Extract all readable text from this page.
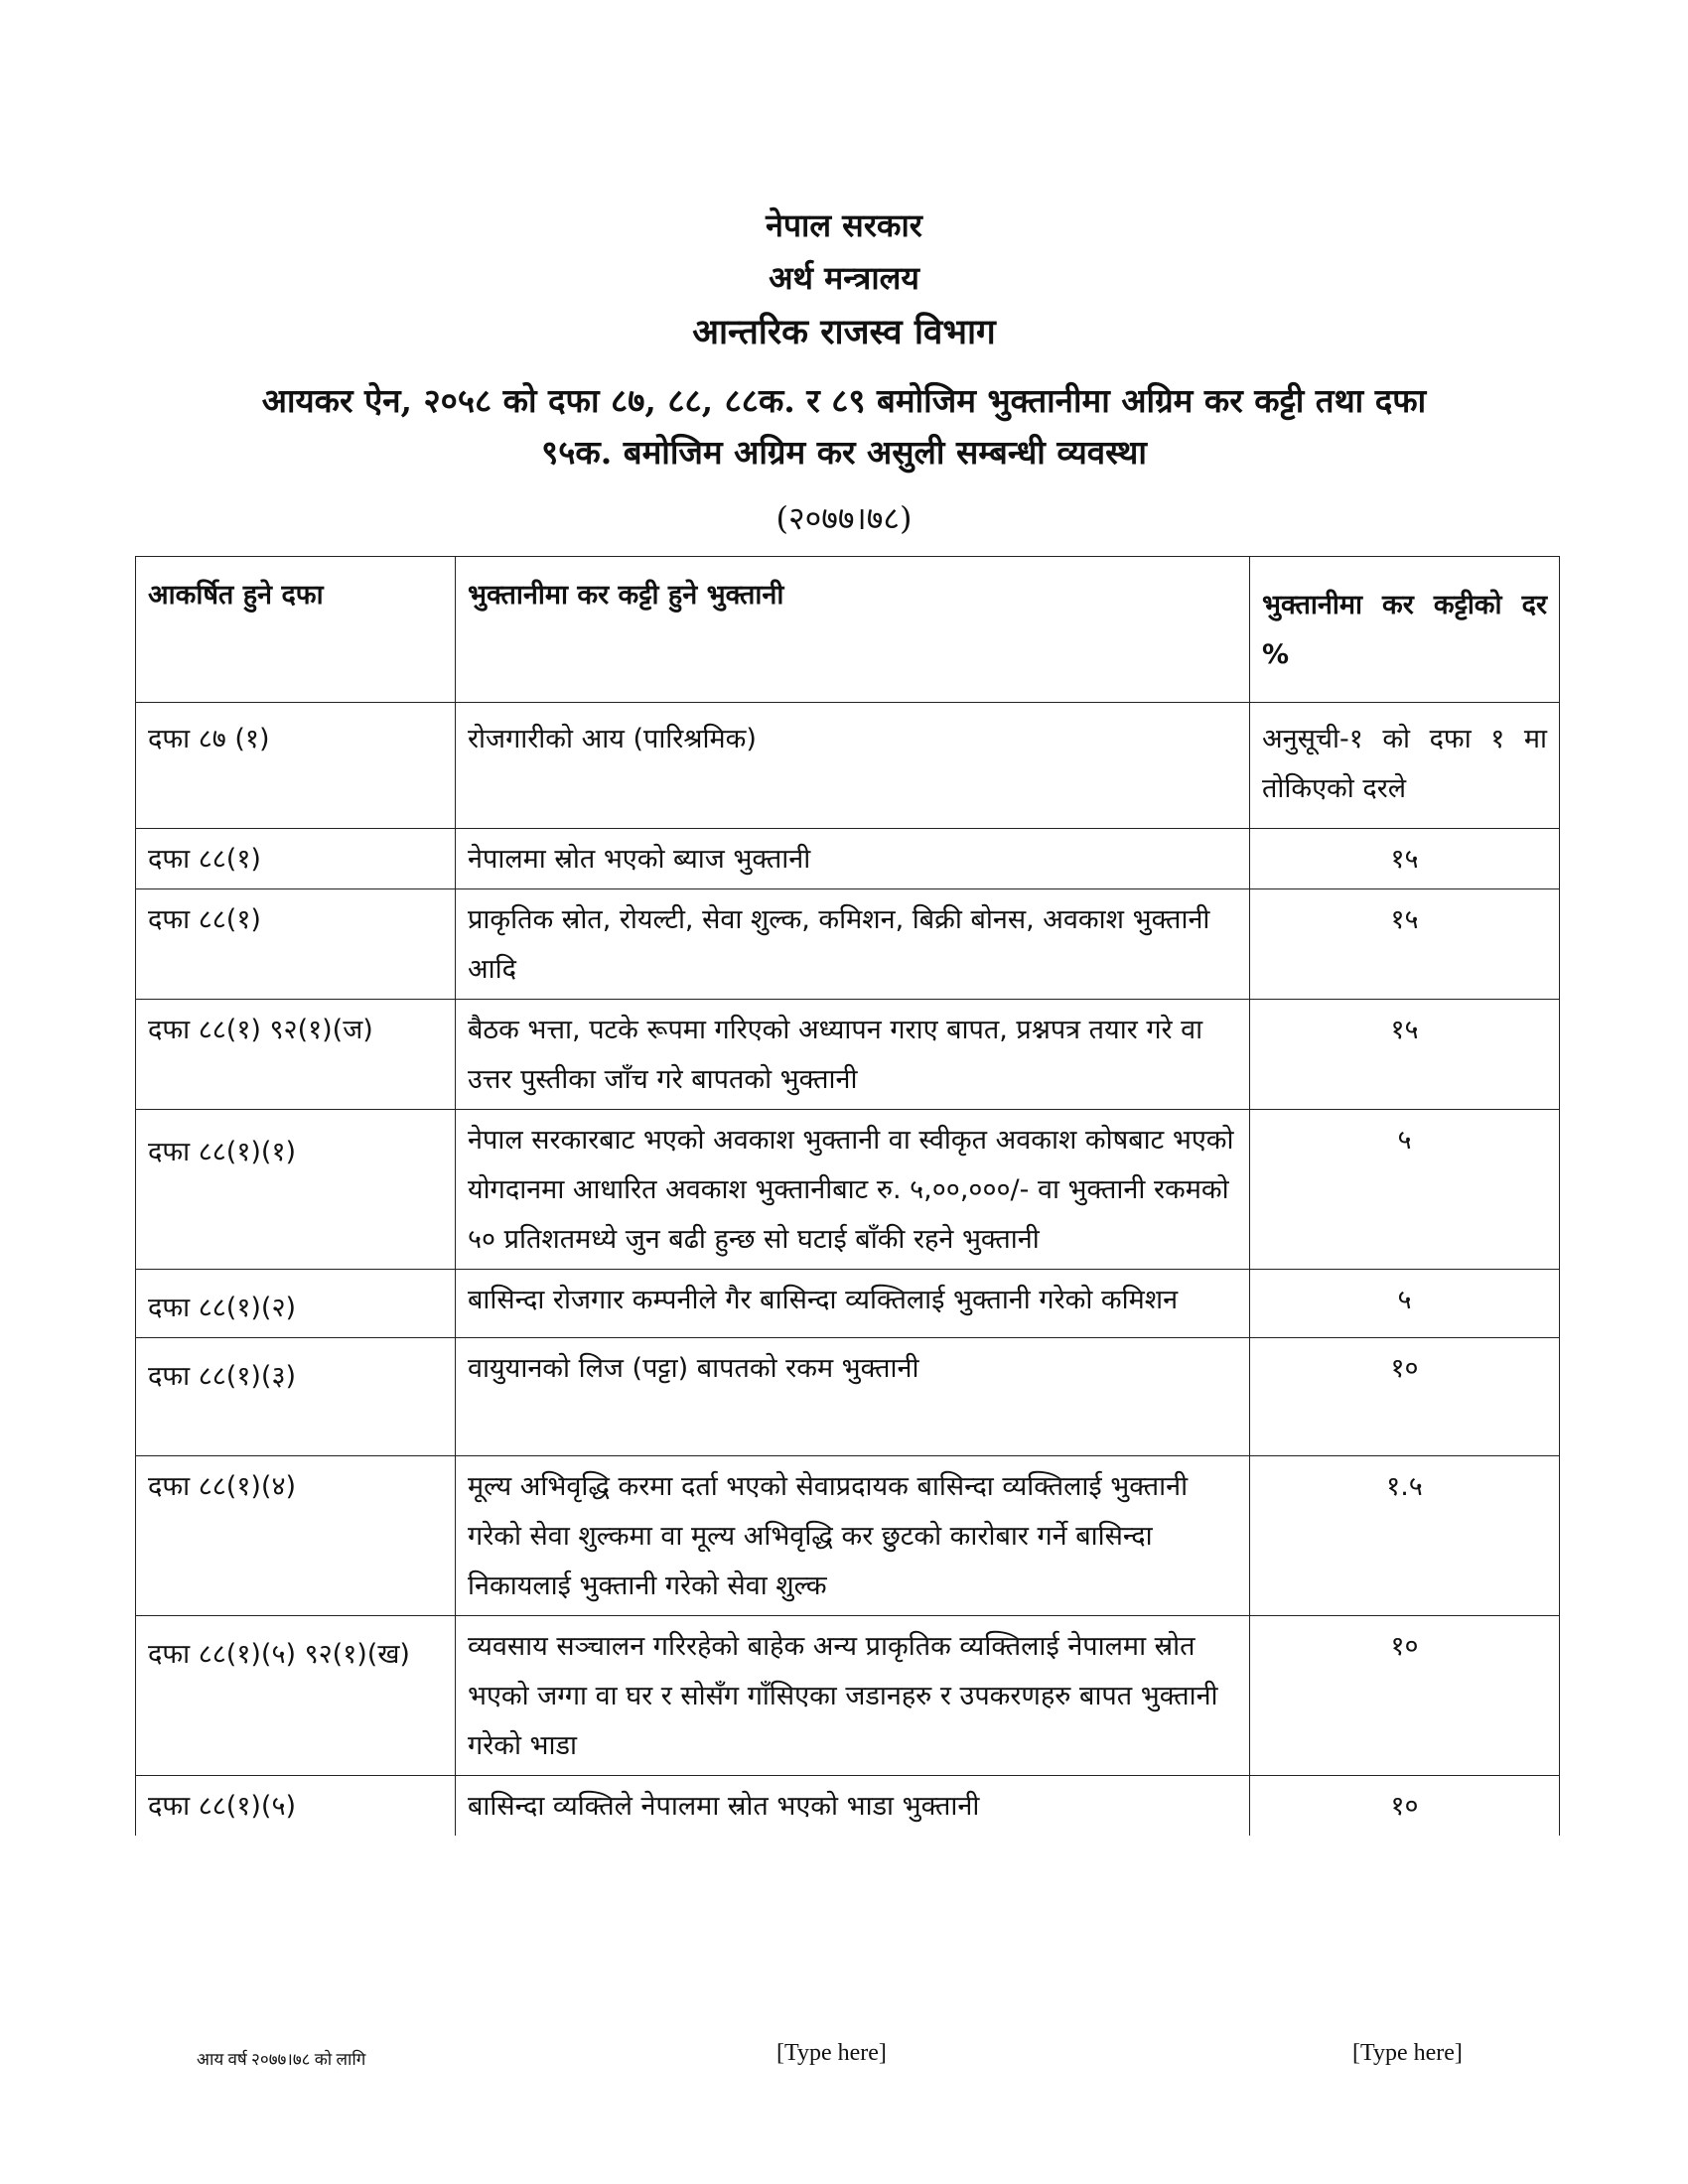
नेपाल सरकार
अर्थ मन्त्रालय
आन्तरिक राजस्व विभाग
आयकर ऐन, २०५८ को दफा ८७, ८८, ८८क. र ८९ बमोजिम भुक्तानीमा अग्रिम कर कट्टी तथा दफा
९५क. बमोजिम अग्रिम कर असुली सम्बन्धी व्यवस्था
(२०७७।७८)
आकर्षित हुने दफा	भुक्तानीमा कर कट्टी हुने भुक्तानी	भुक्तानीमा कर कट्टीको दर %
दफा ८७ (१)	रोजगारीको आय (पारिश्रमिक)	अनुसूची-१ को दफा १ मा तोकिएको दरले
दफा ८८(१)	नेपालमा स्रोत भएको ब्याज भुक्तानी	१५
दफा ८८(१)	प्राकृतिक स्रोत, रोयल्टी, सेवा शुल्क, कमिशन, बिक्री बोनस, अवकाश भुक्तानी आदि	१५
दफा ८८(१) ९२(१)(ज)	बैठक भत्ता, पटके रूपमा गरिएको अध्यापन गराए बापत, प्रश्नपत्र तयार गरे वा उत्तर पुस्तीका जाँच गरे बापतको भुक्तानी	१५
दफा ८८(१)(१)	नेपाल सरकारबाट भएको अवकाश भुक्तानी वा स्वीकृत अवकाश कोषबाट भएको योगदानमा आधारित अवकाश भुक्तानीबाट रु. ५,००,०००/- वा भुक्तानी रकमको ५० प्रतिशतमध्ये जुन बढी हुन्छ सो घटाई बाँकी रहने भुक्तानी	५
दफा ८८(१)(२)	बासिन्दा रोजगार कम्पनीले गैर बासिन्दा व्यक्तिलाई भुक्तानी गरेको कमिशन	५
दफा ८८(१)(३)	वायुयानको लिज (पट्टा) बापतको रकम भुक्तानी	१०
दफा ८८(१)(४)	मूल्य अभिवृद्धि करमा दर्ता भएको सेवाप्रदायक बासिन्दा व्यक्तिलाई भुक्तानी गरेको सेवा शुल्कमा वा मूल्य अभिवृद्धि कर छुटको कारोबार गर्ने बासिन्दा निकायलाई भुक्तानी गरेको सेवा शुल्क	१.५
दफा ८८(१)(५) ९२(१)(ख)	व्यवसाय सञ्चालन गरिरहेको बाहेक अन्य प्राकृतिक व्यक्तिलाई नेपालमा स्रोत भएको जग्गा वा घर र सोसँग गाँसिएका जडानहरु र उपकरणहरु बापत भुक्तानी गरेको भाडा	१०
दफा ८८(१)(५)	बासिन्दा व्यक्तिले नेपालमा स्रोत भएको भाडा भुक्तानी	१०
आय वर्ष २०७७।७८ को लागि	[Type here]	[Type here]
